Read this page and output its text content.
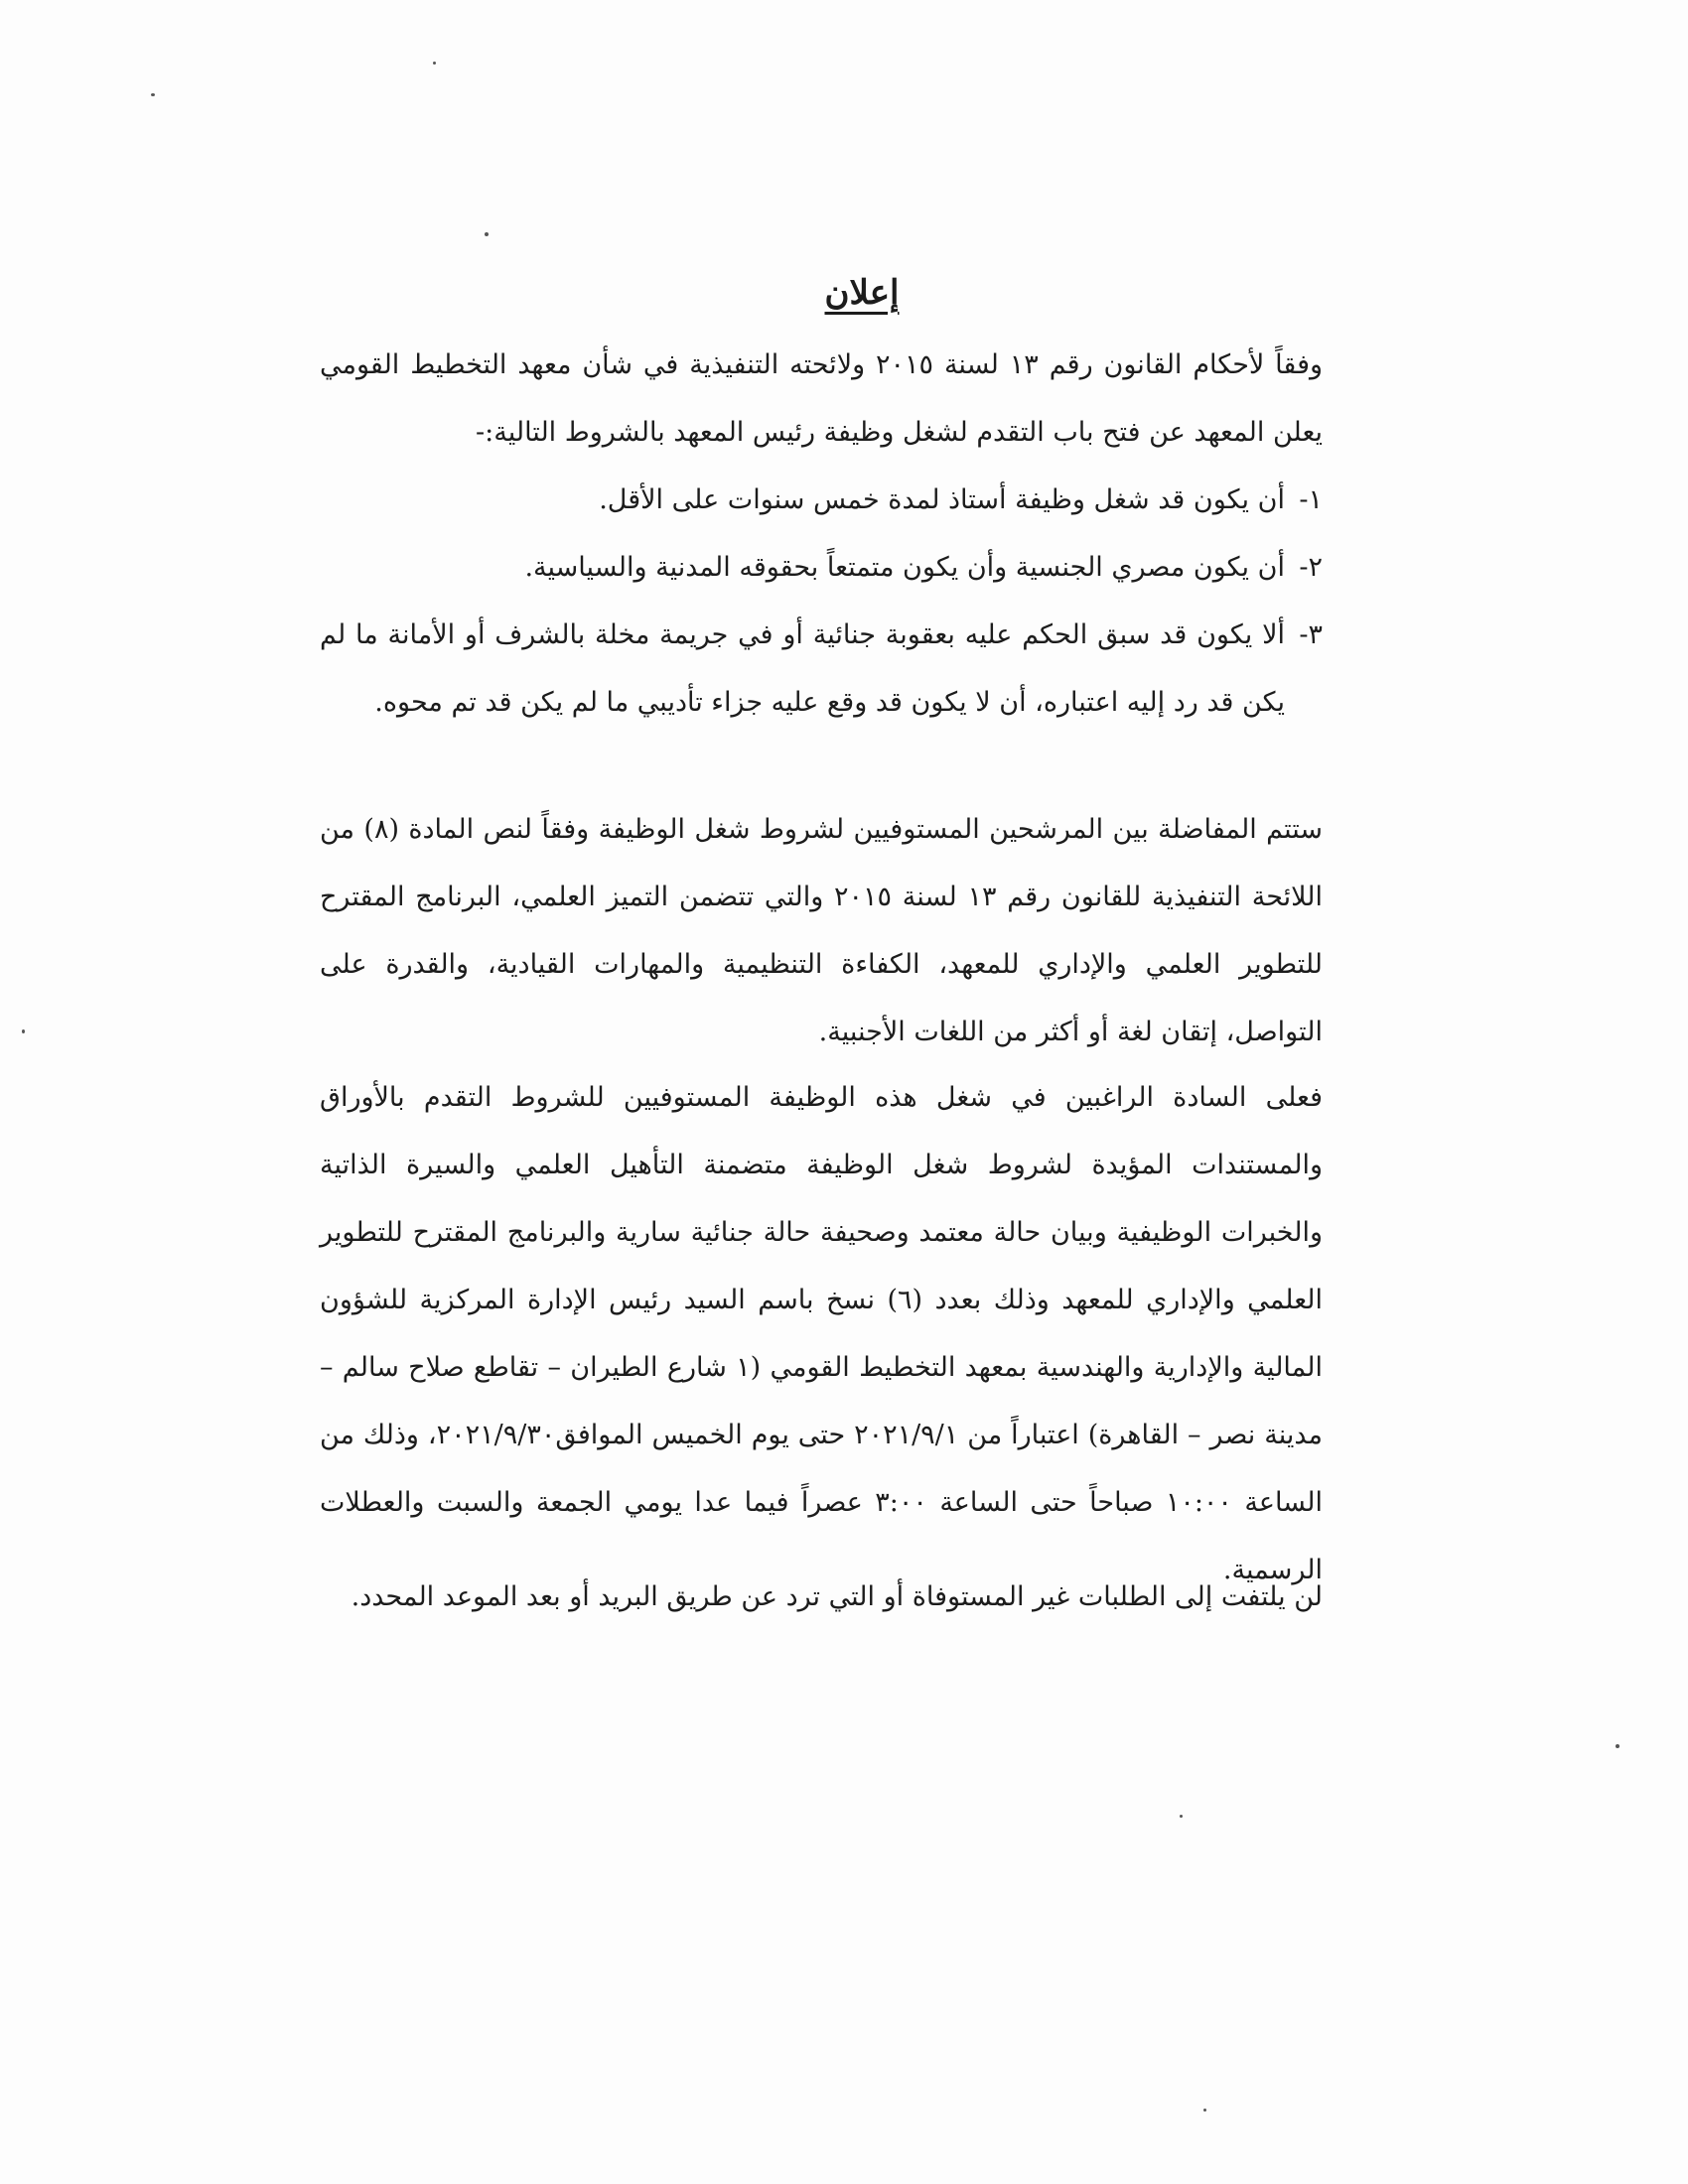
إعلان

وفقاً لأحكام القانون رقم ١٣ لسنة ٢٠١٥ ولائحته التنفيذية في شأن معهد التخطيط القومي يعلن المعهد عن فتح باب التقدم لشغل وظيفة رئيس المعهد بالشروط التالية:-

١-
أن يكون قد شغل وظيفة أستاذ لمدة خمس سنوات على الأقل.
٢-
أن يكون مصري الجنسية وأن يكون متمتعاً بحقوقه المدنية والسياسية.
٣-
ألا يكون قد سبق الحكم عليه بعقوبة جنائية أو في جريمة مخلة بالشرف أو الأمانة ما لم يكن قد رد إليه اعتباره، أن لا يكون قد وقع عليه جزاء تأديبي ما لم يكن قد تم محوه.

ستتم المفاضلة بين المرشحين المستوفيين لشروط شغل الوظيفة وفقاً لنص المادة (٨) من اللائحة التنفيذية للقانون رقم ١٣ لسنة ٢٠١٥ والتي تتضمن التميز العلمي، البرنامج المقترح للتطوير العلمي والإداري للمعهد، الكفاءة التنظيمية والمهارات القيادية، والقدرة على التواصل، إتقان لغة أو أكثر من اللغات الأجنبية.

فعلى السادة الراغبين في شغل هذه الوظيفة المستوفيين للشروط التقدم بالأوراق والمستندات المؤيدة لشروط شغل الوظيفة متضمنة التأهيل العلمي والسيرة الذاتية والخبرات الوظيفية وبيان حالة معتمد وصحيفة حالة جنائية سارية والبرنامج المقترح للتطوير العلمي والإداري للمعهد وذلك بعدد (٦) نسخ باسم السيد رئيس الإدارة المركزية للشؤون المالية والإدارية والهندسية بمعهد التخطيط القومي (١ شارع الطيران – تقاطع صلاح سالم – مدينة نصر – القاهرة) اعتباراً من ٢٠٢١/٩/١ حتى يوم الخميس الموافق٢٠٢١/٩/٣٠، وذلك من الساعة ١٠:٠٠ صباحاً حتى الساعة ٣:٠٠ عصراً فيما عدا يومي الجمعة والسبت والعطلات الرسمية.

لن يلتفت إلى الطلبات غير المستوفاة أو التي ترد عن طريق البريد أو بعد الموعد المحدد.
